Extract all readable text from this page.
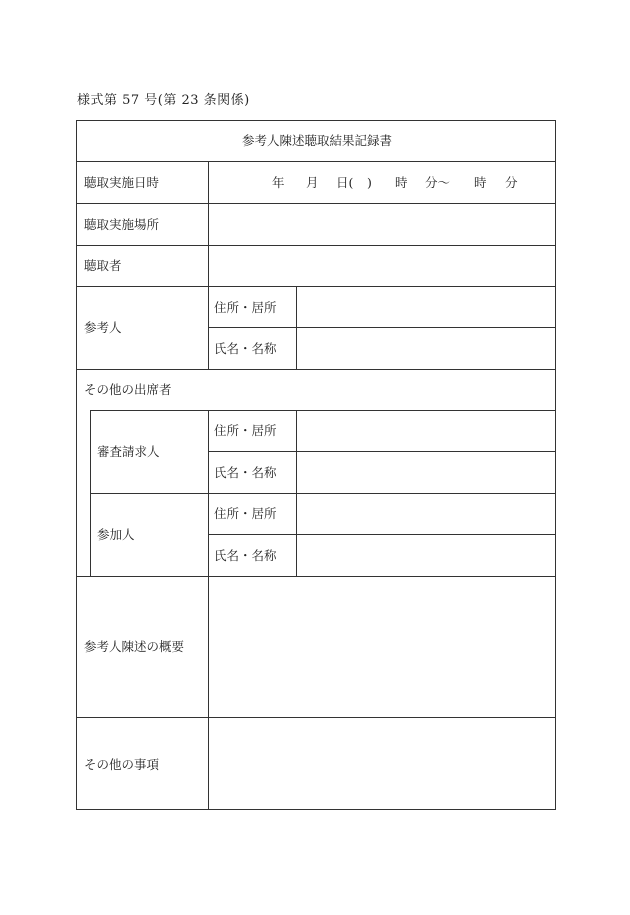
様式第 57 号(第 23 条関係)
参考人陳述聴取結果記録書
聴取実施日時
聴取実施場所
聴取者
参考人
その他の出席者
審査請求人
参加人
参考人陳述の概要
その他の事項
住所・居所
氏名・名称
住所・居所
氏名・名称
住所・居所
氏名・名称
年 月 日( ) 時 分〜 時 分
